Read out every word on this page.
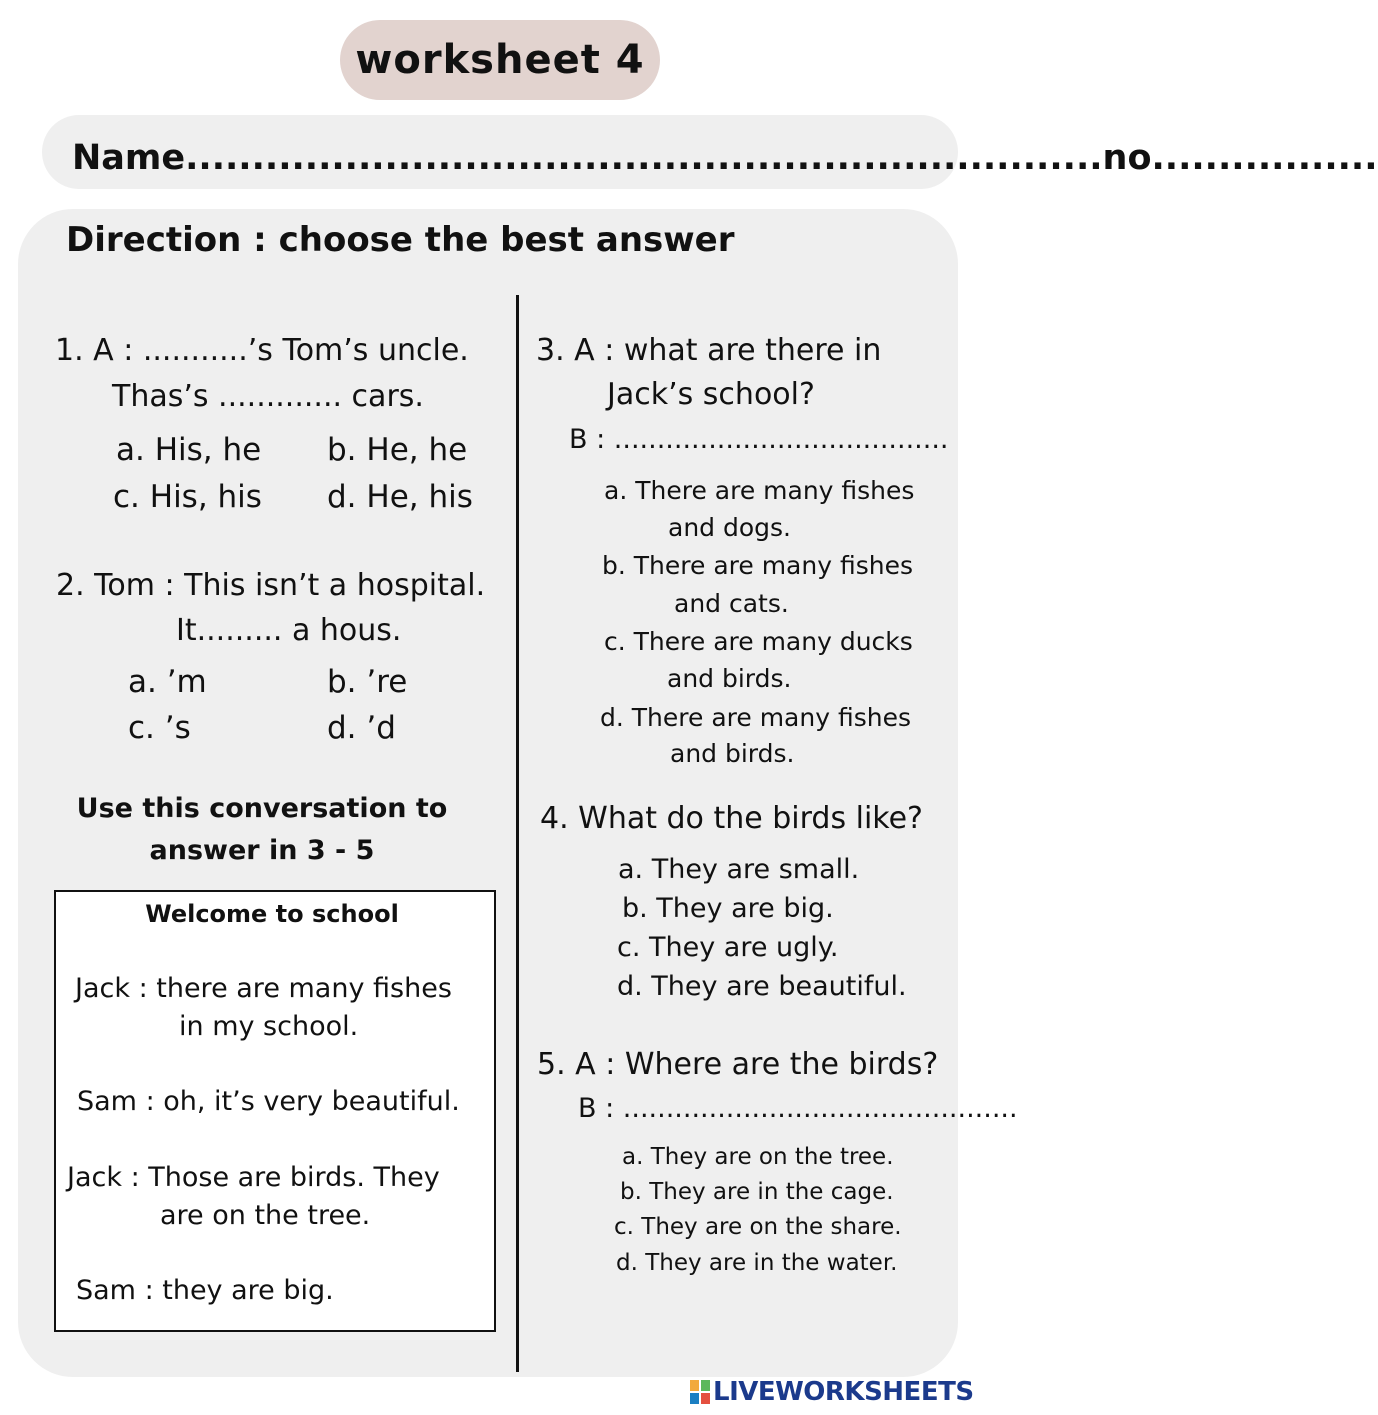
worksheet 4
Name.....................................................................no.................
Direction : choose the best answer
1. A : ...........’s Tom’s uncle.
Thas’s ............. cars.
a. His, he b. He, he
c. His, his d. He, his
2. Tom : This isn’t a hospital.
It......... a hous.
a. ’m	b. ’re
c. ’s	d. ’d
Use this conversation to
answer in 3 - 5
Welcome to school
Jack : there are many fishes
in my school.
Sam : oh, it’s very beautiful.
Jack : Those are birds. They
are on the tree.
Sam : they are big.
3. A : what are there in
Jack’s school?
B : .......................................
a. There are many fishes
and dogs.
b. There are many fishes
and cats.
c. There are many ducks
and birds.
d. There are many fishes
and birds.
4. What do the birds like?
a. They are small.
b. They are big.
c. They are ugly.
d. They are beautiful.
5. A : Where are the birds?
B : ..............................................
a. They are on the tree.
b. They are in the cage.
c. They are on the share.
d. They are in the water.
LIVEWORKSHEETS
